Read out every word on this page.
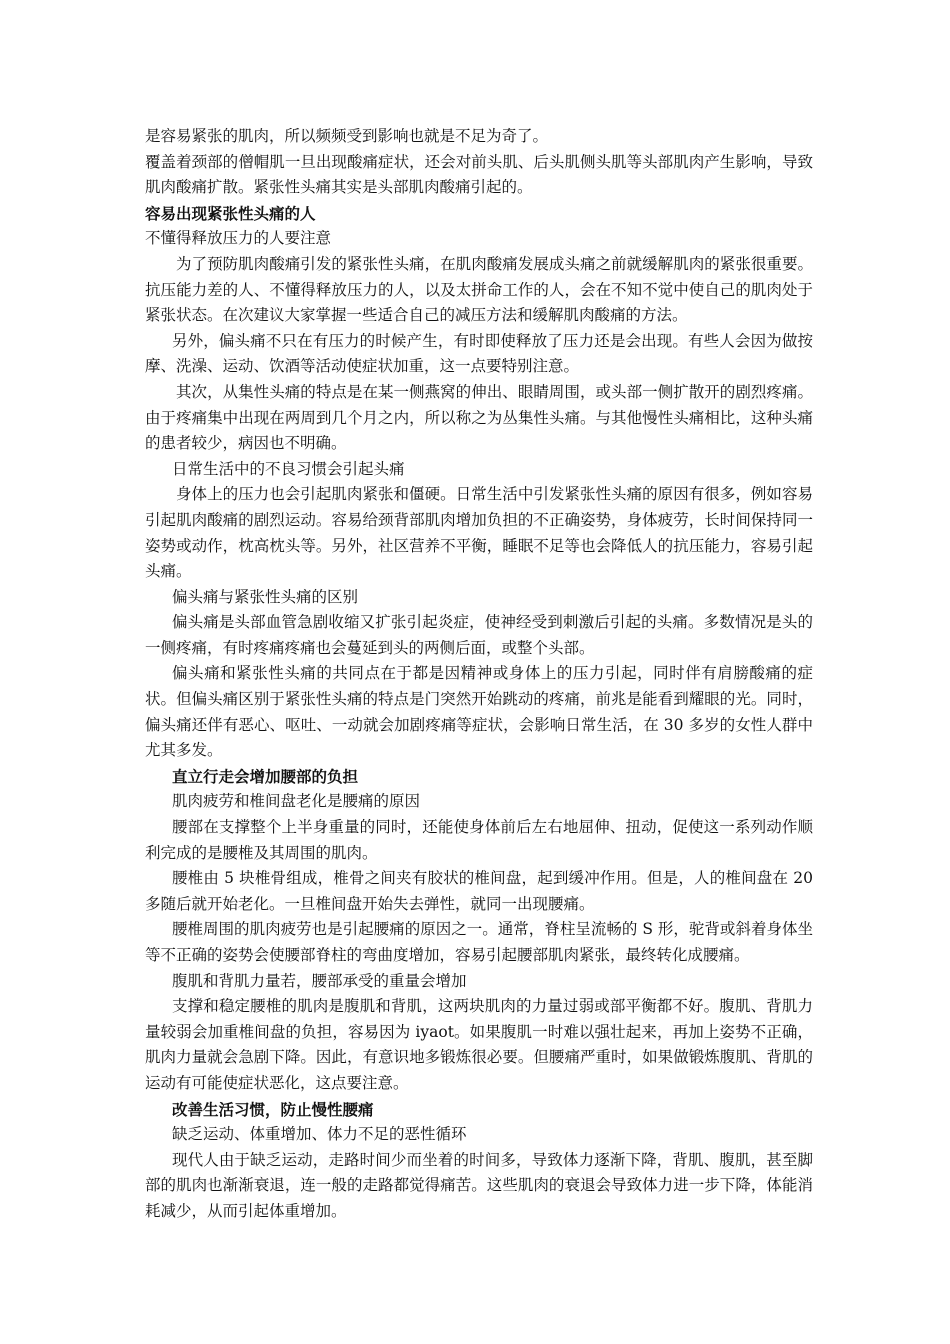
是容易紧张的肌肉，所以频频受到影响也就是不足为奇了。

覆盖着颈部的僧帽肌一旦出现酸痛症状，还会对前头肌、后头肌侧头肌等头部肌肉产生影响，导致肌肉酸痛扩散。紧张性头痛其实是头部肌肉酸痛引起的。

容易出现紧张性头痛的人

不懂得释放压力的人要注意

为了预防肌肉酸痛引发的紧张性头痛，在肌肉酸痛发展成头痛之前就缓解肌肉的紧张很重要。抗压能力差的人、不懂得释放压力的人，以及太拼命工作的人，会在不知不觉中使自己的肌肉处于紧张状态。在次建议大家掌握一些适合自己的减压方法和缓解肌肉酸痛的方法。

另外，偏头痛不只在有压力的时候产生，有时即使释放了压力还是会出现。有些人会因为做按摩、洗澡、运动、饮酒等活动使症状加重，这一点要特别注意。

其次，从集性头痛的特点是在某一侧燕窝的伸出、眼睛周围，或头部一侧扩散开的剧烈疼痛。由于疼痛集中出现在两周到几个月之内，所以称之为丛集性头痛。与其他慢性头痛相比，这种头痛的患者较少，病因也不明确。

日常生活中的不良习惯会引起头痛

身体上的压力也会引起肌肉紧张和僵硬。日常生活中引发紧张性头痛的原因有很多，例如容易引起肌肉酸痛的剧烈运动。容易给颈背部肌肉增加负担的不正确姿势，身体疲劳，长时间保持同一姿势或动作，枕高枕头等。另外，社区营养不平衡，睡眠不足等也会降低人的抗压能力，容易引起头痛。

偏头痛与紧张性头痛的区别

偏头痛是头部血管急剧收缩又扩张引起炎症，使神经受到刺激后引起的头痛。多数情况是头的一侧疼痛，有时疼痛疼痛也会蔓延到头的两侧后面，或整个头部。

偏头痛和紧张性头痛的共同点在于都是因精神或身体上的压力引起，同时伴有肩膀酸痛的症状。但偏头痛区别于紧张性头痛的特点是门突然开始跳动的疼痛，前兆是能看到耀眼的光。同时，偏头痛还伴有恶心、呕吐、一动就会加剧疼痛等症状，会影响日常生活，在 30 多岁的女性人群中尤其多发。

直立行走会增加腰部的负担

肌肉疲劳和椎间盘老化是腰痛的原因

腰部在支撑整个上半身重量的同时，还能使身体前后左右地屈伸、扭动，促使这一系列动作顺利完成的是腰椎及其周围的肌肉。

腰椎由 5 块椎骨组成，椎骨之间夹有胶状的椎间盘，起到缓冲作用。但是，人的椎间盘在 20 多随后就开始老化。一旦椎间盘开始失去弹性，就同一出现腰痛。

腰椎周围的肌肉疲劳也是引起腰痛的原因之一。通常，脊柱呈流畅的 S 形，驼背或斜着身体坐等不正确的姿势会使腰部脊柱的弯曲度增加，容易引起腰部肌肉紧张，最终转化成腰痛。

腹肌和背肌力量若，腰部承受的重量会增加

支撑和稳定腰椎的肌肉是腹肌和背肌，这两块肌肉的力量过弱或部平衡都不好。腹肌、背肌力量较弱会加重椎间盘的负担，容易因为 iyaot。如果腹肌一时难以强壮起来，再加上姿势不正确，肌肉力量就会急剧下降。因此，有意识地多锻炼很必要。但腰痛严重时，如果做锻炼腹肌、背肌的运动有可能使症状恶化，这点要注意。

改善生活习惯，防止慢性腰痛

缺乏运动、体重增加、体力不足的恶性循环

现代人由于缺乏运动，走路时间少而坐着的时间多，导致体力逐渐下降，背肌、腹肌，甚至脚部的肌肉也渐渐衰退，连一般的走路都觉得痛苦。这些肌肉的衰退会导致体力进一步下降，体能消耗减少，从而引起体重增加。
